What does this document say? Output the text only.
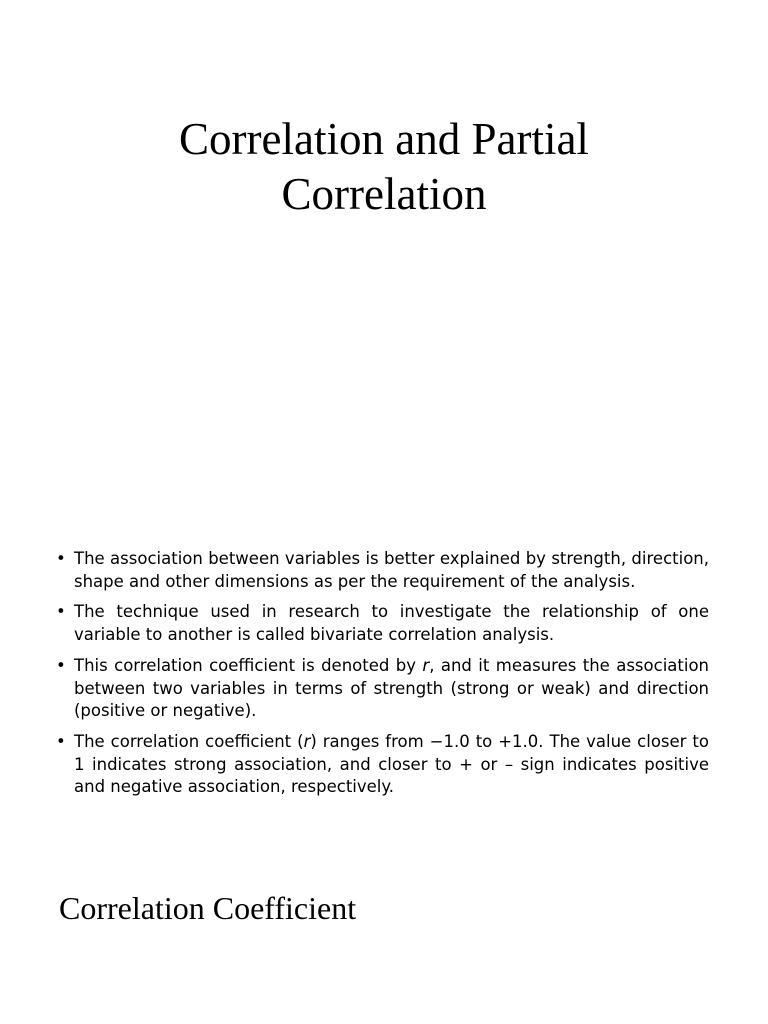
Correlation and Partial
Correlation
• The association between variables is better explained by strength, direction, shape and other dimensions as per the requirement of the analysis.
• The technique used in research to investigate the relationship of one variable to another is called bivariate correlation analysis.
• This correlation coefficient is denoted by r, and it measures the association between two variables in terms of strength (strong or weak) and direction (positive or negative).
• The correlation coefficient (r) ranges from −1.0 to +1.0. The value closer to 1 indicates strong association, and closer to + or – sign indicates positive and negative association, respectively.
Correlation Coefficient
